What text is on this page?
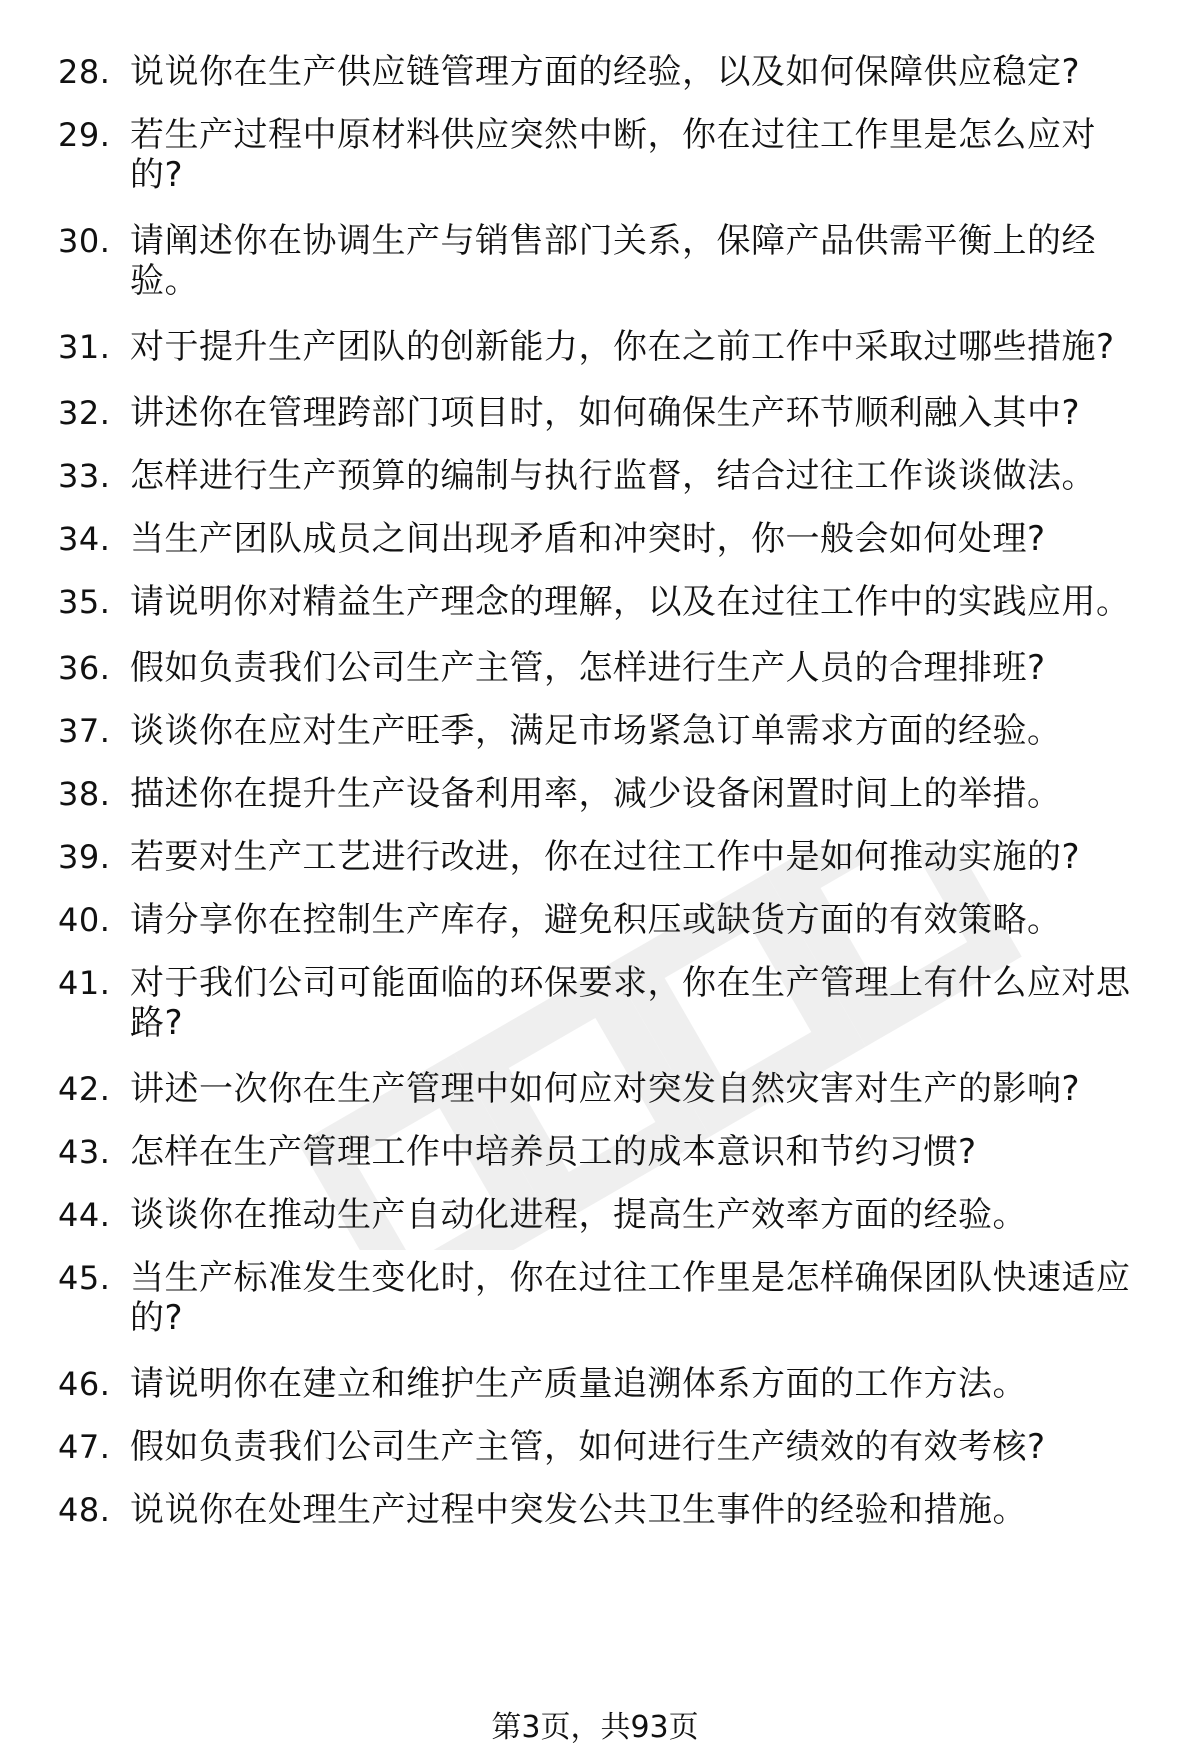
28. 说说你在生产供应链管理方面的经验，以及如何保障供应稳定?
29. 若生产过程中原材料供应突然中断，你在过往工作里是怎么应对的?
30. 请阐述你在协调生产与销售部门关系，保障产品供需平衡上的经验。
31. 对于提升生产团队的创新能力，你在之前工作中采取过哪些措施?
32. 讲述你在管理跨部门项目时，如何确保生产环节顺利融入其中?
33. 怎样进行生产预算的编制与执行监督，结合过往工作谈谈做法。
34. 当生产团队成员之间出现矛盾和冲突时，你一般会如何处理?
35. 请说明你对精益生产理念的理解，以及在过往工作中的实践应用。
36. 假如负责我们公司生产主管，怎样进行生产人员的合理排班?
37. 谈谈你在应对生产旺季，满足市场紧急订单需求方面的经验。
38. 描述你在提升生产设备利用率，减少设备闲置时间上的举措。
39. 若要对生产工艺进行改进，你在过往工作中是如何推动实施的?
40. 请分享你在控制生产库存，避免积压或缺货方面的有效策略。
41. 对于我们公司可能面临的环保要求，你在生产管理上有什么应对思路?
42. 讲述一次你在生产管理中如何应对突发自然灾害对生产的影响?
43. 怎样在生产管理工作中培养员工的成本意识和节约习惯?
44. 谈谈你在推动生产自动化进程，提高生产效率方面的经验。
45. 当生产标准发生变化时，你在过往工作里是怎样确保团队快速适应的?
46. 请说明你在建立和维护生产质量追溯体系方面的工作方法。
47. 假如负责我们公司生产主管，如何进行生产绩效的有效考核?
48. 说说你在处理生产过程中突发公共卫生事件的经验和措施。
第3页，共93页
